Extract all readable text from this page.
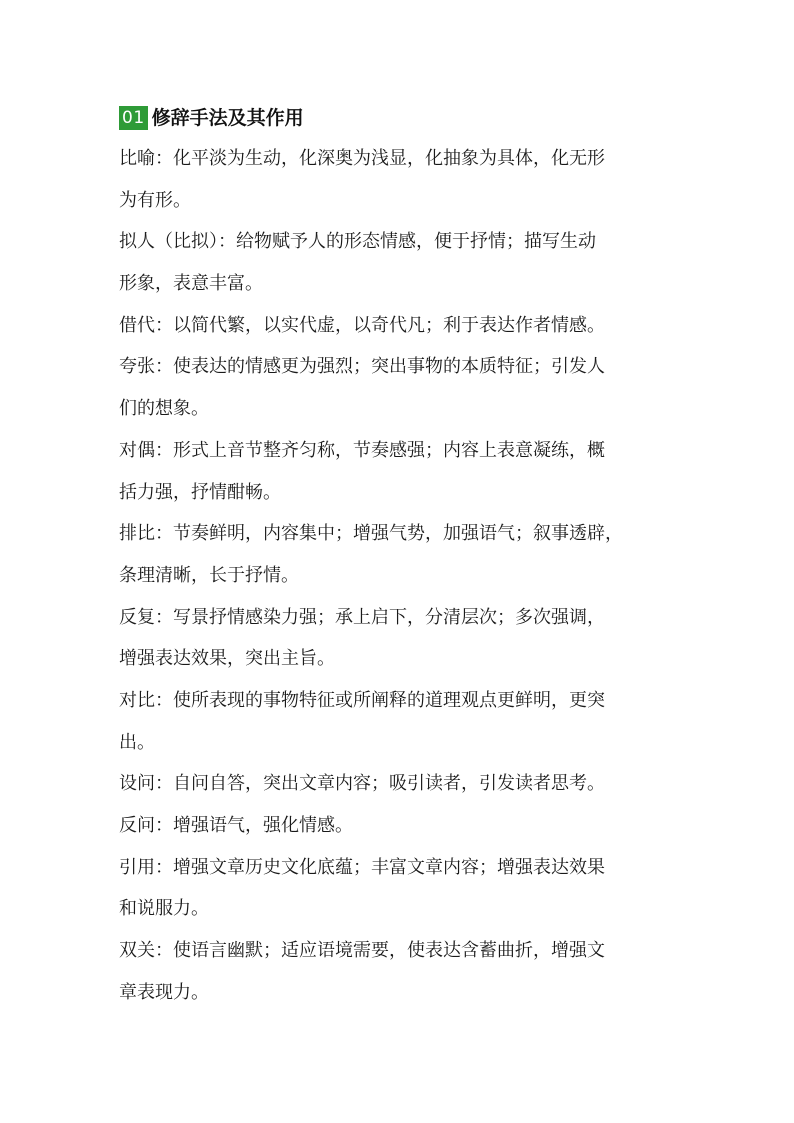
01 修辞手法及其作用
比喻：化平淡为生动，化深奥为浅显，化抽象为具体，化无形
为有形。
拟人（比拟）：给物赋予人的形态情感，便于抒情；描写生动
形象，表意丰富。
借代：以简代繁，以实代虚，以奇代凡；利于表达作者情感。
夸张：使表达的情感更为强烈；突出事物的本质特征；引发人
们的想象。
对偶：形式上音节整齐匀称，节奏感强；内容上表意凝练，概
括力强，抒情酣畅。
排比：节奏鲜明，内容集中；增强气势，加强语气；叙事透辟，
条理清晰，长于抒情。
反复：写景抒情感染力强；承上启下，分清层次；多次强调，
增强表达效果，突出主旨。
对比：使所表现的事物特征或所阐释的道理观点更鲜明，更突
出。
设问：自问自答，突出文章内容；吸引读者，引发读者思考。
反问：增强语气，强化情感。
引用：增强文章历史文化底蕴；丰富文章内容；增强表达效果
和说服力。
双关：使语言幽默；适应语境需要，使表达含蓄曲折，增强文
章表现力。
